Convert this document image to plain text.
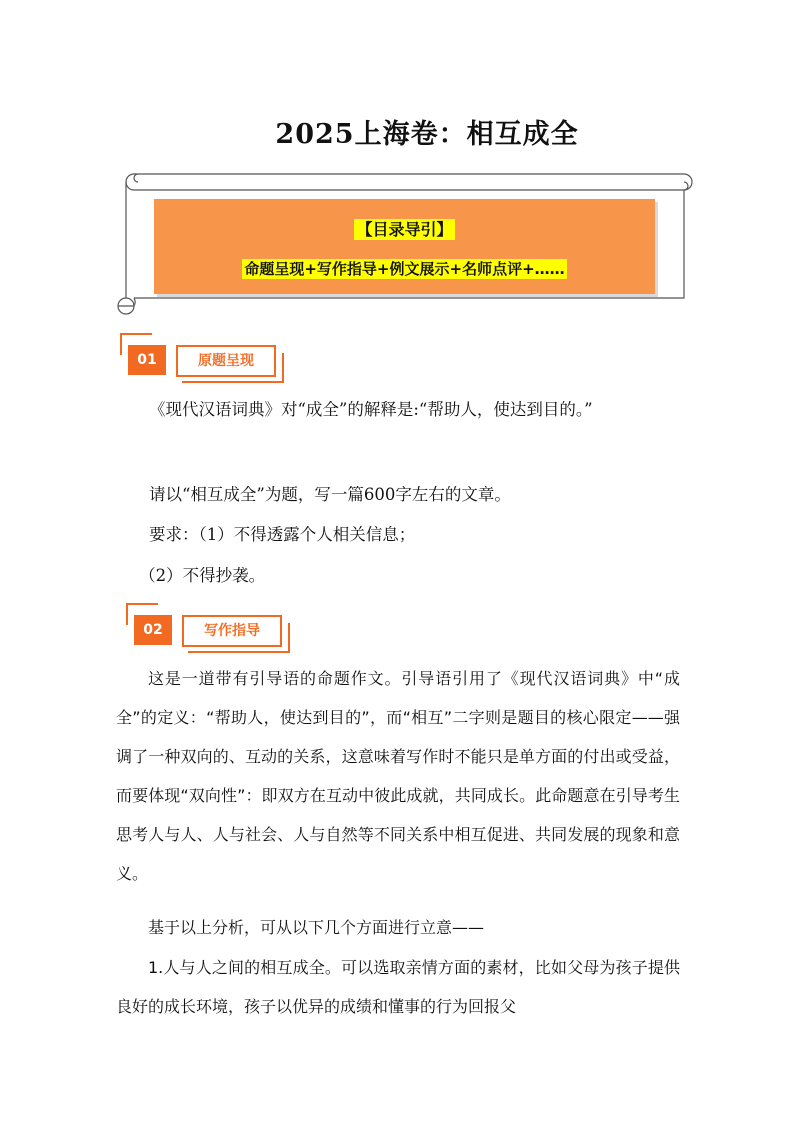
2025上海卷：相互成全
【目录导引】
命题呈现+写作指导+例文展示+名师点评+……
01	原题呈现
《现代汉语词典》对“成全”的解释是:“帮助人，使达到目的。”
请以“相互成全”为题，写一篇600字左右的文章。
要求：（1）不得透露个人相关信息；
（2）不得抄袭。
02	写作指导
这是一道带有引导语的命题作文。引导语引用了《现代汉语词典》中“成全”的定义：“帮助人，使达到目的”，而“相互”二字则是题目的核心限定——强调了一种双向的、互动的关系，这意味着写作时不能只是单方面的付出或受益，而要体现“双向性”：即双方在互动中彼此成就，共同成长。此命题意在引导考生思考人与人、人与社会、人与自然等不同关系中相互促进、共同发展的现象和意义。
基于以上分析，可从以下几个方面进行立意——
1.人与人之间的相互成全。可以选取亲情方面的素材，比如父母为孩子提供良好的成长环境，孩子以优异的成绩和懂事的行为回报父
